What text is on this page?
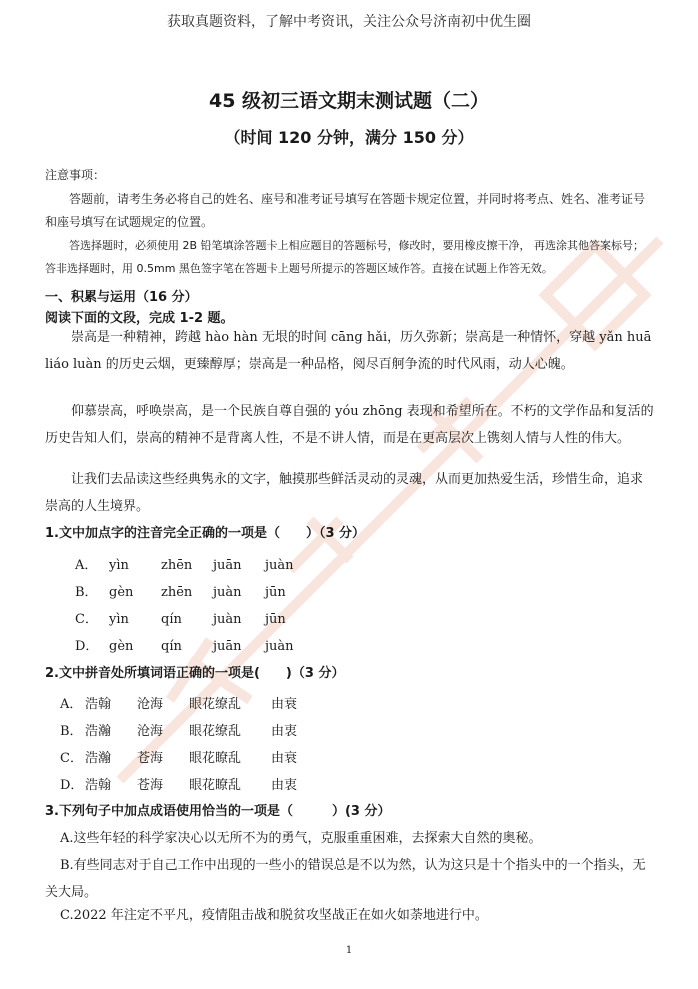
获取真题资料，了解中考资讯，关注公众号济南初中优生圈
45 级初三语文期末测试题（二）
（时间 120 分钟，满分 150 分）
注意事项：
答题前，请考生务必将自己的姓名、座号和准考证号填写在答题卡规定位置，并同时将考点、姓名、准考证号和座号填写在试题规定的位置。
答选择题时，必须使用 2B 铅笔填涂答题卡上相应题目的答题标号，修改时，要用橡皮擦干净， 再选涂其他答案标号；答非选择题时，用 0.5mm 黑色签字笔在答题卡上题号所提示的答题区域作答。直接在试题上作答无效。
一、积累与运用（16 分）
阅读下面的文段，完成 1-2 题。
崇高是一种精神，跨越 hào hàn 无垠的时间 cāng hǎi，历久弥新；崇高是一种情怀，穿越 yǎn huā liáo luàn 的历史云烟，更臻醇厚；崇高是一种品格，阅尽百舸争流的时代风雨，动人心魄。
仰慕崇高，呼唤崇高，是一个民族自尊自强的 yóu zhōng 表现和希望所在。不朽的文学作品和复活的历史告知人们，崇高的精神不是背离人性，不是不讲人情，而是在更高层次上镌刻人情与人性的伟大。
让我们去品读这些经典隽永的文字，触摸那些鲜活灵动的灵魂，从而更加热爱生活，珍惜生命，追求崇高的人生境界。
1.文中加点字的注音完全正确的一项是（　　）（3 分）
A． yìn zhēn juān juàn
B． gèn zhēn juàn jūn
C． yìn qín juàn jūn
D． gèn qín juān juàn
2.文中拼音处所填词语正确的一项是(　　)（3 分）
A． 浩翰 沧海 眼花缭乱 由衰
B． 浩瀚 沧海 眼花缭乱 由衷
C． 浩瀚 苍海 眼花瞭乱 由衰
D． 浩翰 苍海 眼花瞭乱 由衷
3.下列句子中加点成语使用恰当的一项是（　　　）(3 分）
A.这些年轻的科学家决心以无所不为的勇气，克服重重困难，去探索大自然的奥秘。
B.有些同志对于自己工作中出现的一些小的错误总是不以为然，认为这只是十个指头中的一个指头，无关大局。
C.2022 年注定不平凡，疫情阻击战和脱贫攻坚战正在如火如荼地进行中。
1
